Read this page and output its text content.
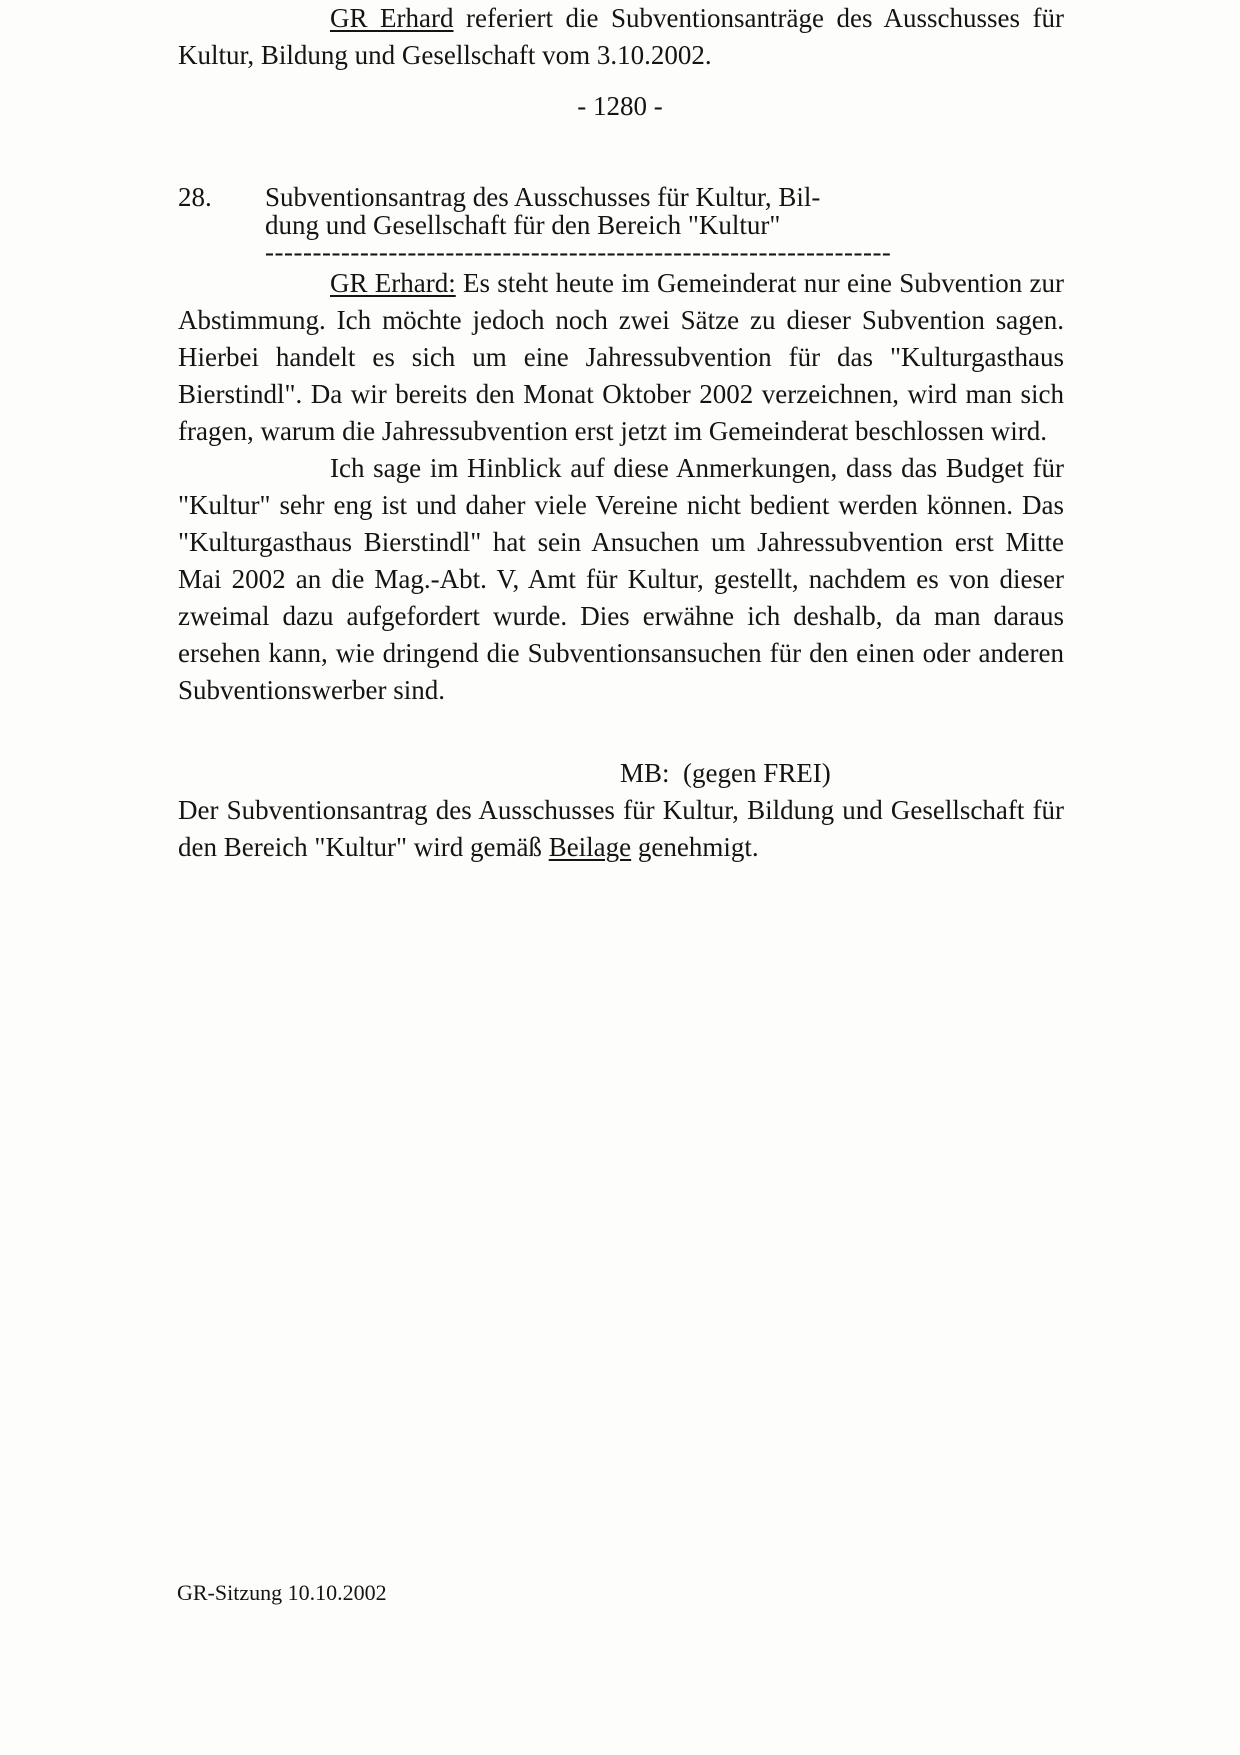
- 1280 -

GR Erhard referiert die Subventionsanträge des Ausschusses für Kultur, Bildung und Gesellschaft vom 3.10.2002.

28.	Subventionsantrag des Ausschusses für Kultur, Bil-
dung und Gesellschaft für den Bereich "Kultur"
------------------------------------------------------------------

GR Erhard: Es steht heute im Gemeinderat nur eine Subvention zur Abstimmung. Ich möchte jedoch noch zwei Sätze zu dieser Subvention sagen. Hierbei handelt es sich um eine Jahressubvention für das "Kulturgasthaus Bierstindl". Da wir bereits den Monat Oktober 2002 verzeichnen, wird man sich fragen, warum die Jahressubvention erst jetzt im Gemeinderat beschlossen wird.

Ich sage im Hinblick auf diese Anmerkungen, dass das Budget für "Kultur" sehr eng ist und daher viele Vereine nicht bedient werden können. Das "Kulturgasthaus Bierstindl" hat sein Ansuchen um Jahressubvention erst Mitte Mai 2002 an die Mag.-Abt. V, Amt für Kultur, gestellt, nachdem es von dieser zweimal dazu aufgefordert wurde. Dies erwähne ich deshalb, da man daraus ersehen kann, wie dringend die Subventionsansuchen für den einen oder anderen Subventionswerber sind.

MB:  (gegen FREI)

Der Subventionsantrag des Ausschusses für Kultur, Bildung und Gesellschaft für den Bereich "Kultur" wird gemäß Beilage genehmigt.

GR-Sitzung 10.10.2002
